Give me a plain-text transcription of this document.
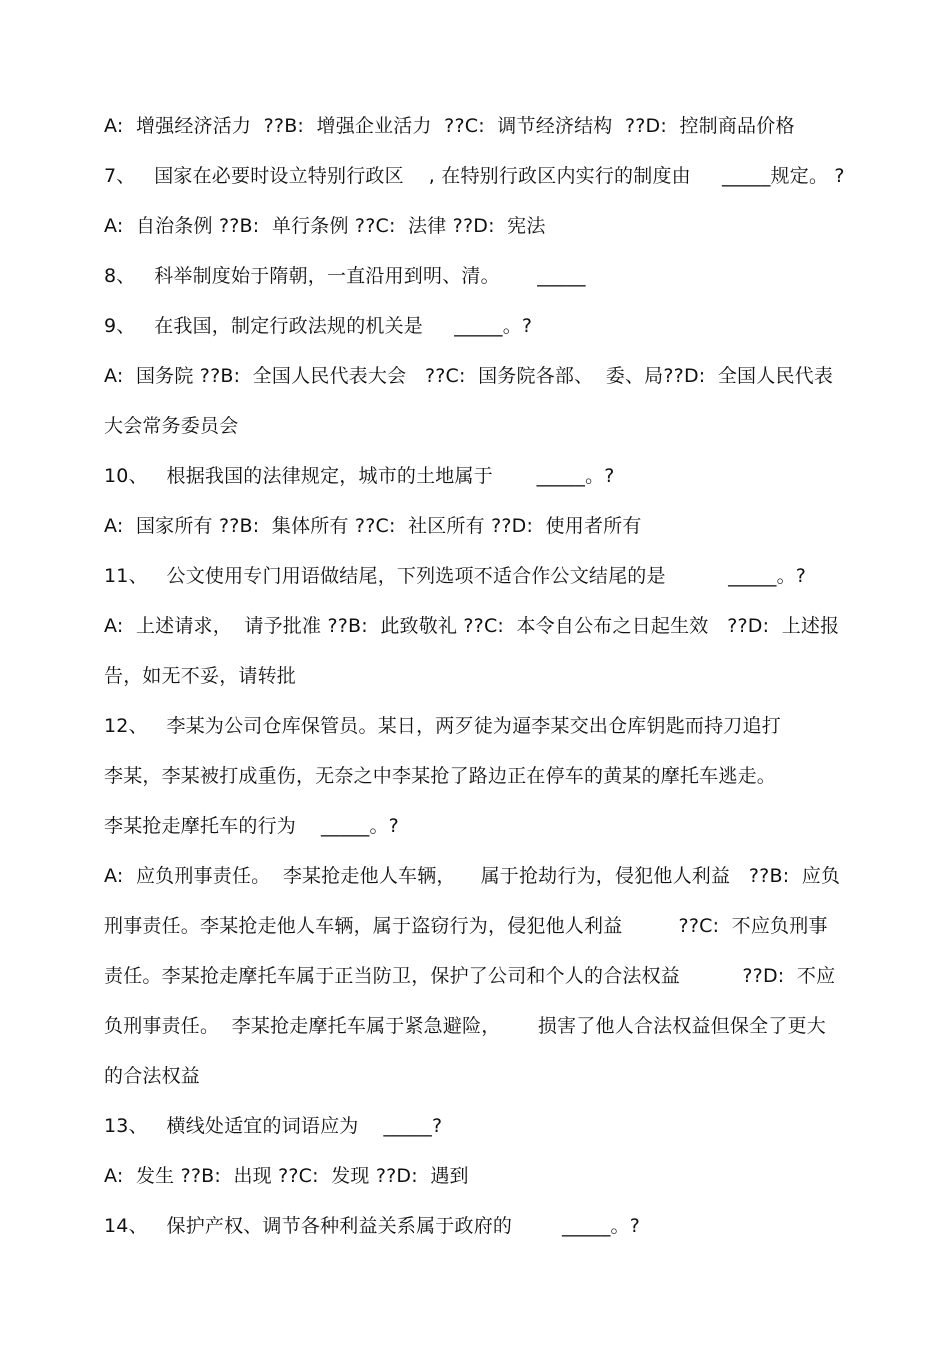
A:  增强经济活力  ??B:  增强企业活力  ??C:  调节经济结构  ??D:  控制商品价格
7、   国家在必要时设立特别行政区    , 在特别行政区内实行的制度由     _____规定。 ?
A:  自治条例 ??B:  单行条例 ??C:  法律 ??D:  宪法
8、   科举制度始于隋朝，一直沿用到明、清。      _____
9、   在我国，制定行政法规的机关是     _____。?
A:  国务院 ??B:  全国人民代表大会   ??C:  国务院各部、  委、局??D:  全国人民代表
大会常务委员会
10、   根据我国的法律规定，城市的土地属于       _____。?
A:  国家所有 ??B:  集体所有 ??C:  社区所有 ??D:  使用者所有
11、   公文使用专门用语做结尾，下列选项不适合作公文结尾的是          _____。?
A:  上述请求，  请予批准 ??B:  此致敬礼 ??C:  本令自公布之日起生效   ??D:  上述报
告，如无不妥，请转批
12、   李某为公司仓库保管员。某日，两歹徒为逼李某交出仓库钥匙而持刀追打
李某，李某被打成重伤，无奈之中李某抢了路边正在停车的黄某的摩托车逃走。
李某抢走摩托车的行为    _____。?
A:  应负刑事责任。  李某抢走他人车辆，    属于抢劫行为，侵犯他人利益   ??B:  应负
刑事责任。李某抢走他人车辆，属于盗窃行为，侵犯他人利益         ??C:  不应负刑事
责任。李某抢走摩托车属于正当防卫，保护了公司和个人的合法权益          ??D:  不应
负刑事责任。  李某抢走摩托车属于紧急避险，      损害了他人合法权益但保全了更大
的合法权益
13、   横线处适宜的词语应为    _____?
A:  发生 ??B:  出现 ??C:  发现 ??D:  遇到
14、   保护产权、调节各种利益关系属于政府的        _____。?
